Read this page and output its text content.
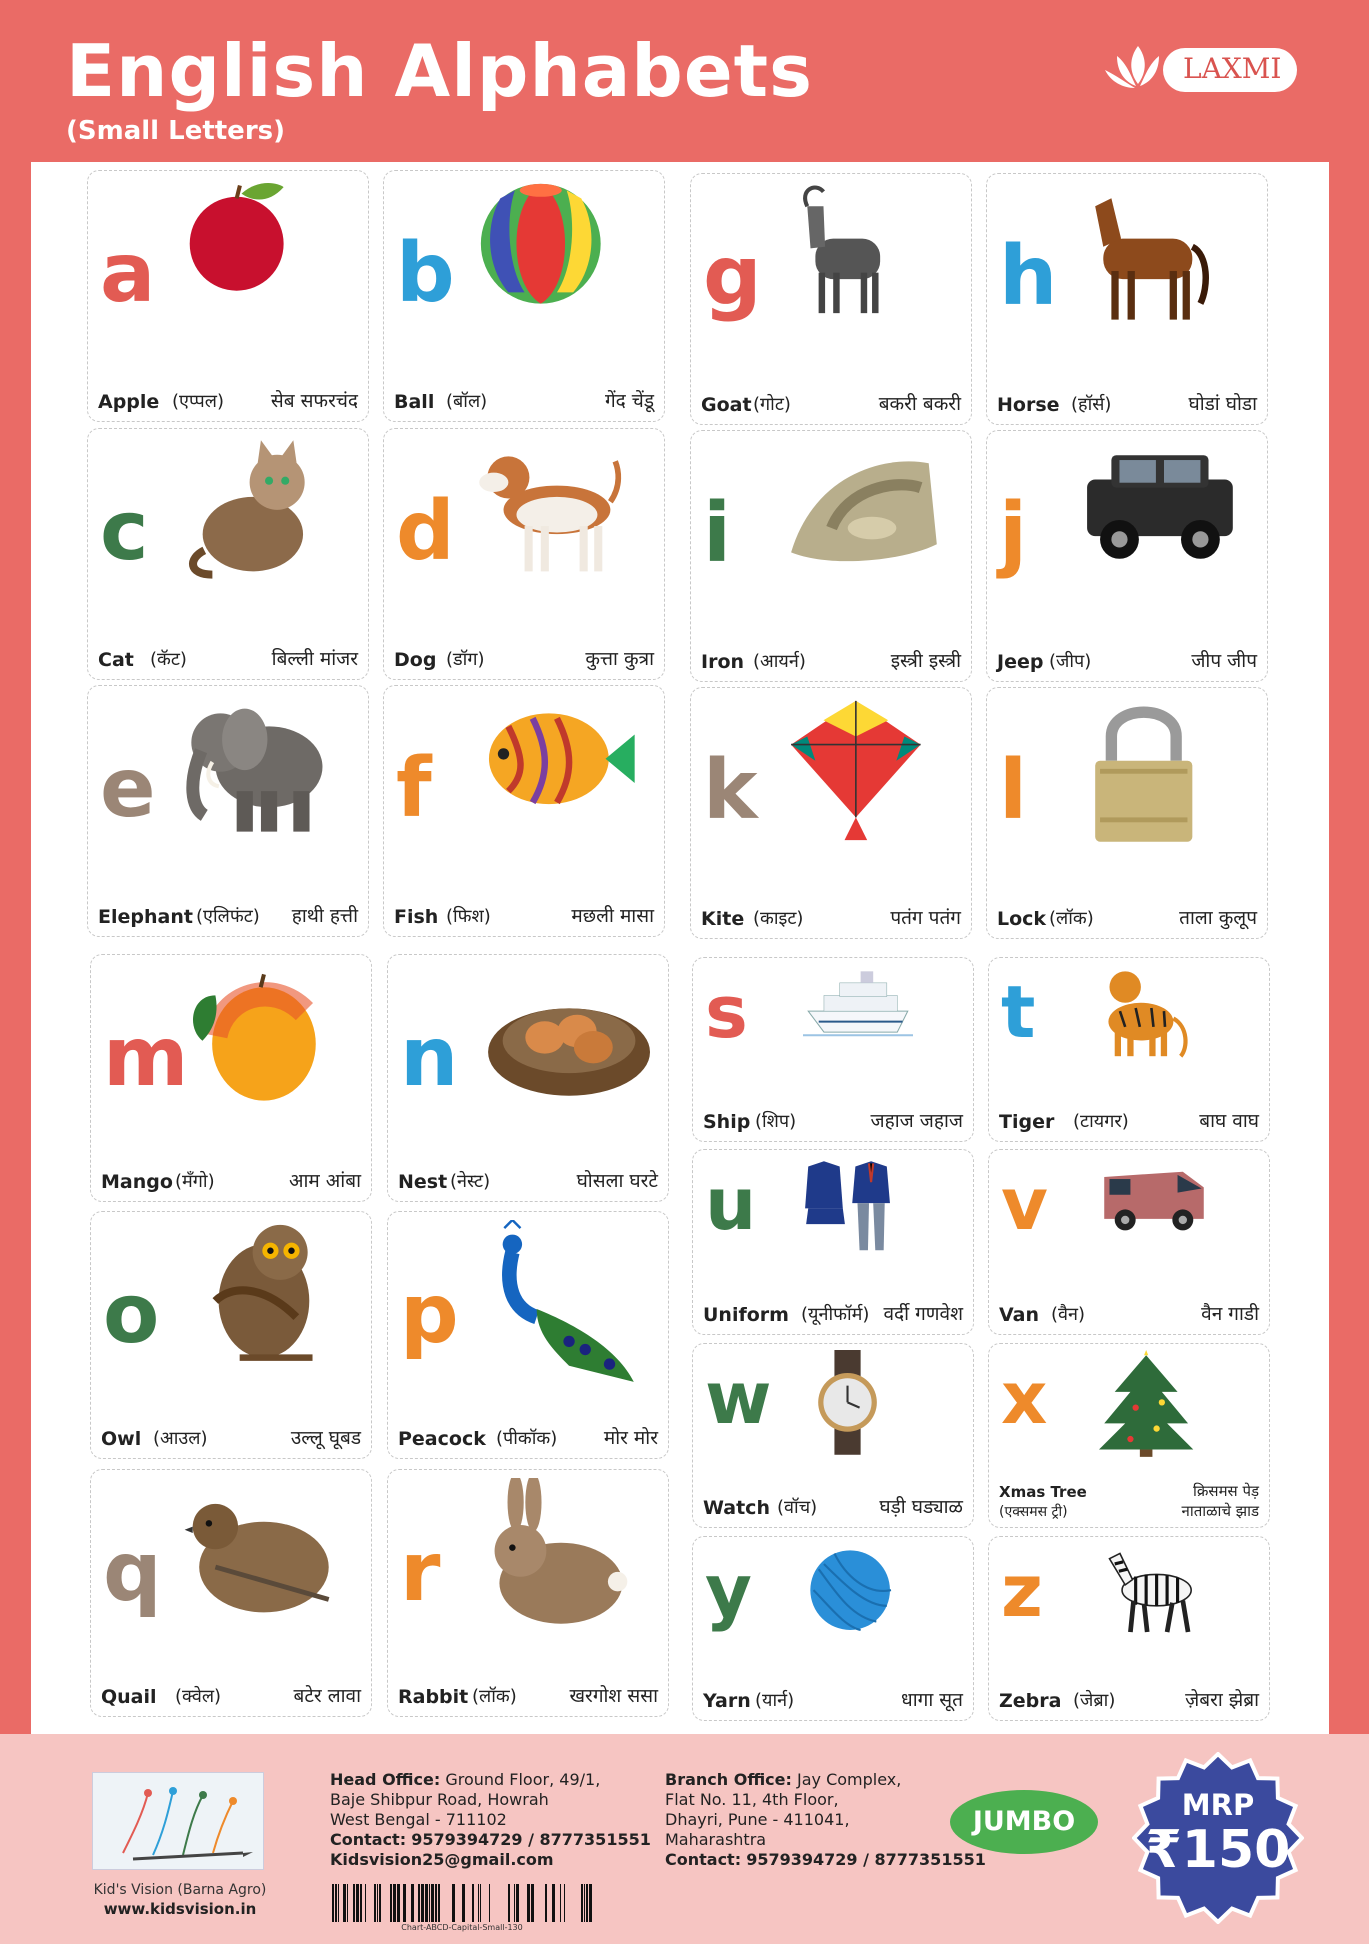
English Alphabets
(Small Letters)
LAXMI
a
Apple (एप्पल) सेब सफरचंद
b
Ball (बॉल)	गेंद चेंडू
c
Cat (कॅट)	बिल्ली मांजर
d
Dog (डॉग)	कुत्ता कुत्रा
e
Elephant (एलिफंट) हाथी हत्ती
f
Fish (फिश)	मछली मासा
m
Mango (मॅंगो)	आम आंबा
n
Nest (नेस्ट)	घोसला घरटे
o
Owl (आउल)	उल्लू घूबड
p
Peacock (पीकॉक) मोर मोर
q
Quail (क्वेल)	बटेर लावा
r
Rabbit (लॉक)	खरगोश ससा
g
Goat (गोट)	बकरी बकरी
h
Horse (हॉर्स)	घोडां घोडा
i
Iron (आयर्न)	इस्त्री इस्त्री
j
Jeep (जीप)	जीप जीप
k
Kite (काइट)	पतंग पतंग
l
Lock (लॉक)	ताला कुलूप
s
Ship (शिप)	जहाज जहाज
t
Tiger (टायगर)	बाघ वाघ
u
Uniform (यूनीफॉर्म) वर्दी गणवेश
v
Van (वैन)	वैन गाडी
w
Watch (वॉच)	घड़ी घड्याळ
x
Xmas Tree
(एक्समस ट्री)
क्रिसमस पेड़
नाताळाचे झाड
y
Yarn (यार्न)	धागा सूत
z
Zebra (जेब्रा)	ज़ेबरा झेब्रा
Kid's Vision (Barna Agro)
www.kidsvision.in
Head Office: Ground Floor, 49/1,
Baje Shibpur Road, Howrah
West Bengal - 711102
Contact: 9579394729 / 8777351551
Kidsvision25@gmail.com
Chart-ABCD-Capital-Small-130
Branch Office: Jay Complex,
Flat No. 11, 4th Floor,
Dhayri, Pune - 411041,
Maharashtra
Contact: 9579394729 / 8777351551
JUMBO	MRP
₹150
